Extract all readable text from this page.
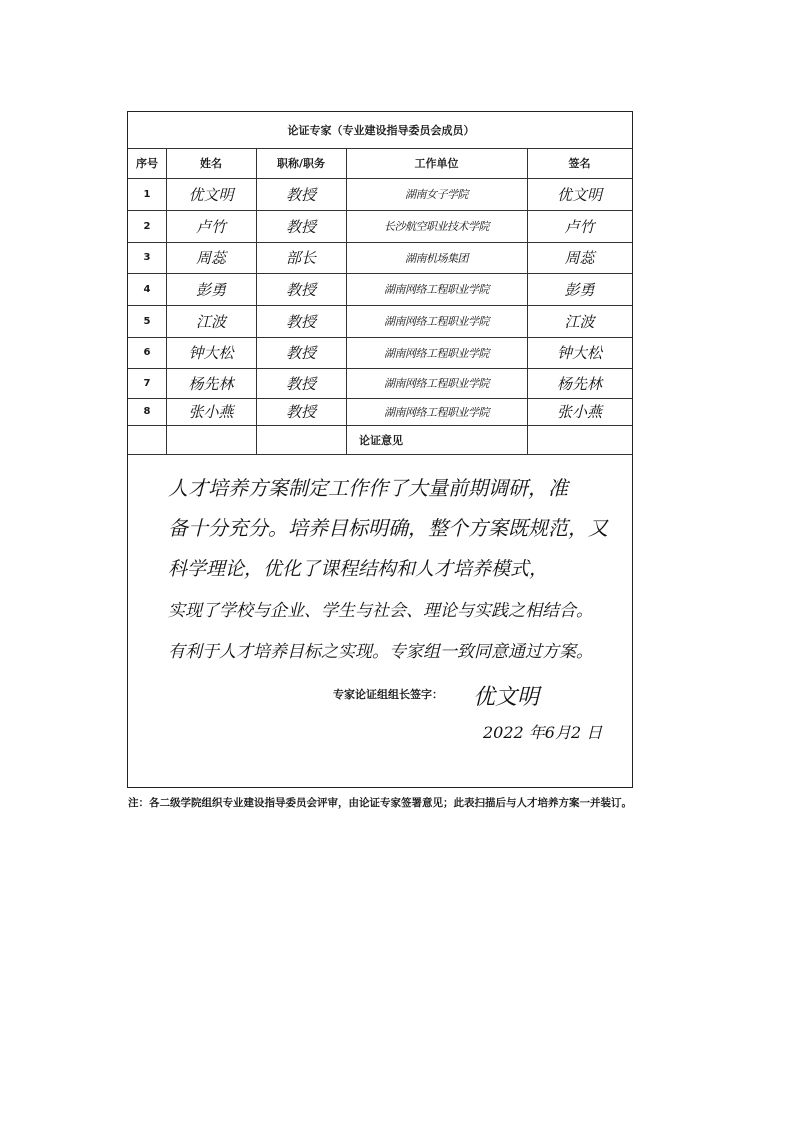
论证专家（专业建设指导委员会成员）
序号	姓名	职称/职务	工作单位	签名
1	优文明	教授	湖南女子学院	优文明
2	卢竹	教授	长沙航空职业技术学院	卢竹
3	周蕊	部长	湖南机场集团	周蕊
4	彭勇	教授	湖南网络工程职业学院	彭勇
5	江波	教授	湖南网络工程职业学院	江波
6	钟大松	教授	湖南网络工程职业学院	钟大松
7	杨先林	教授	湖南网络工程职业学院	杨先林
8	张小燕	教授	湖南网络工程职业学院	张小燕
论证意见
人才培养方案制定工作作了大量前期调研，准
备十分充分。培养目标明确，整个方案既规范，又
科学理论，优化了课程结构和人才培养模式，
实现了学校与企业、学生与社会、理论与实践之相结合。
有利于人才培养目标之实现。专家组一致同意通过方案。
专家论证组组长签字：	优文明
2022 年6月2 日
注：各二级学院组织专业建设指导委员会评审，由论证专家签署意见；此表扫描后与人才培养方案一并装订。
